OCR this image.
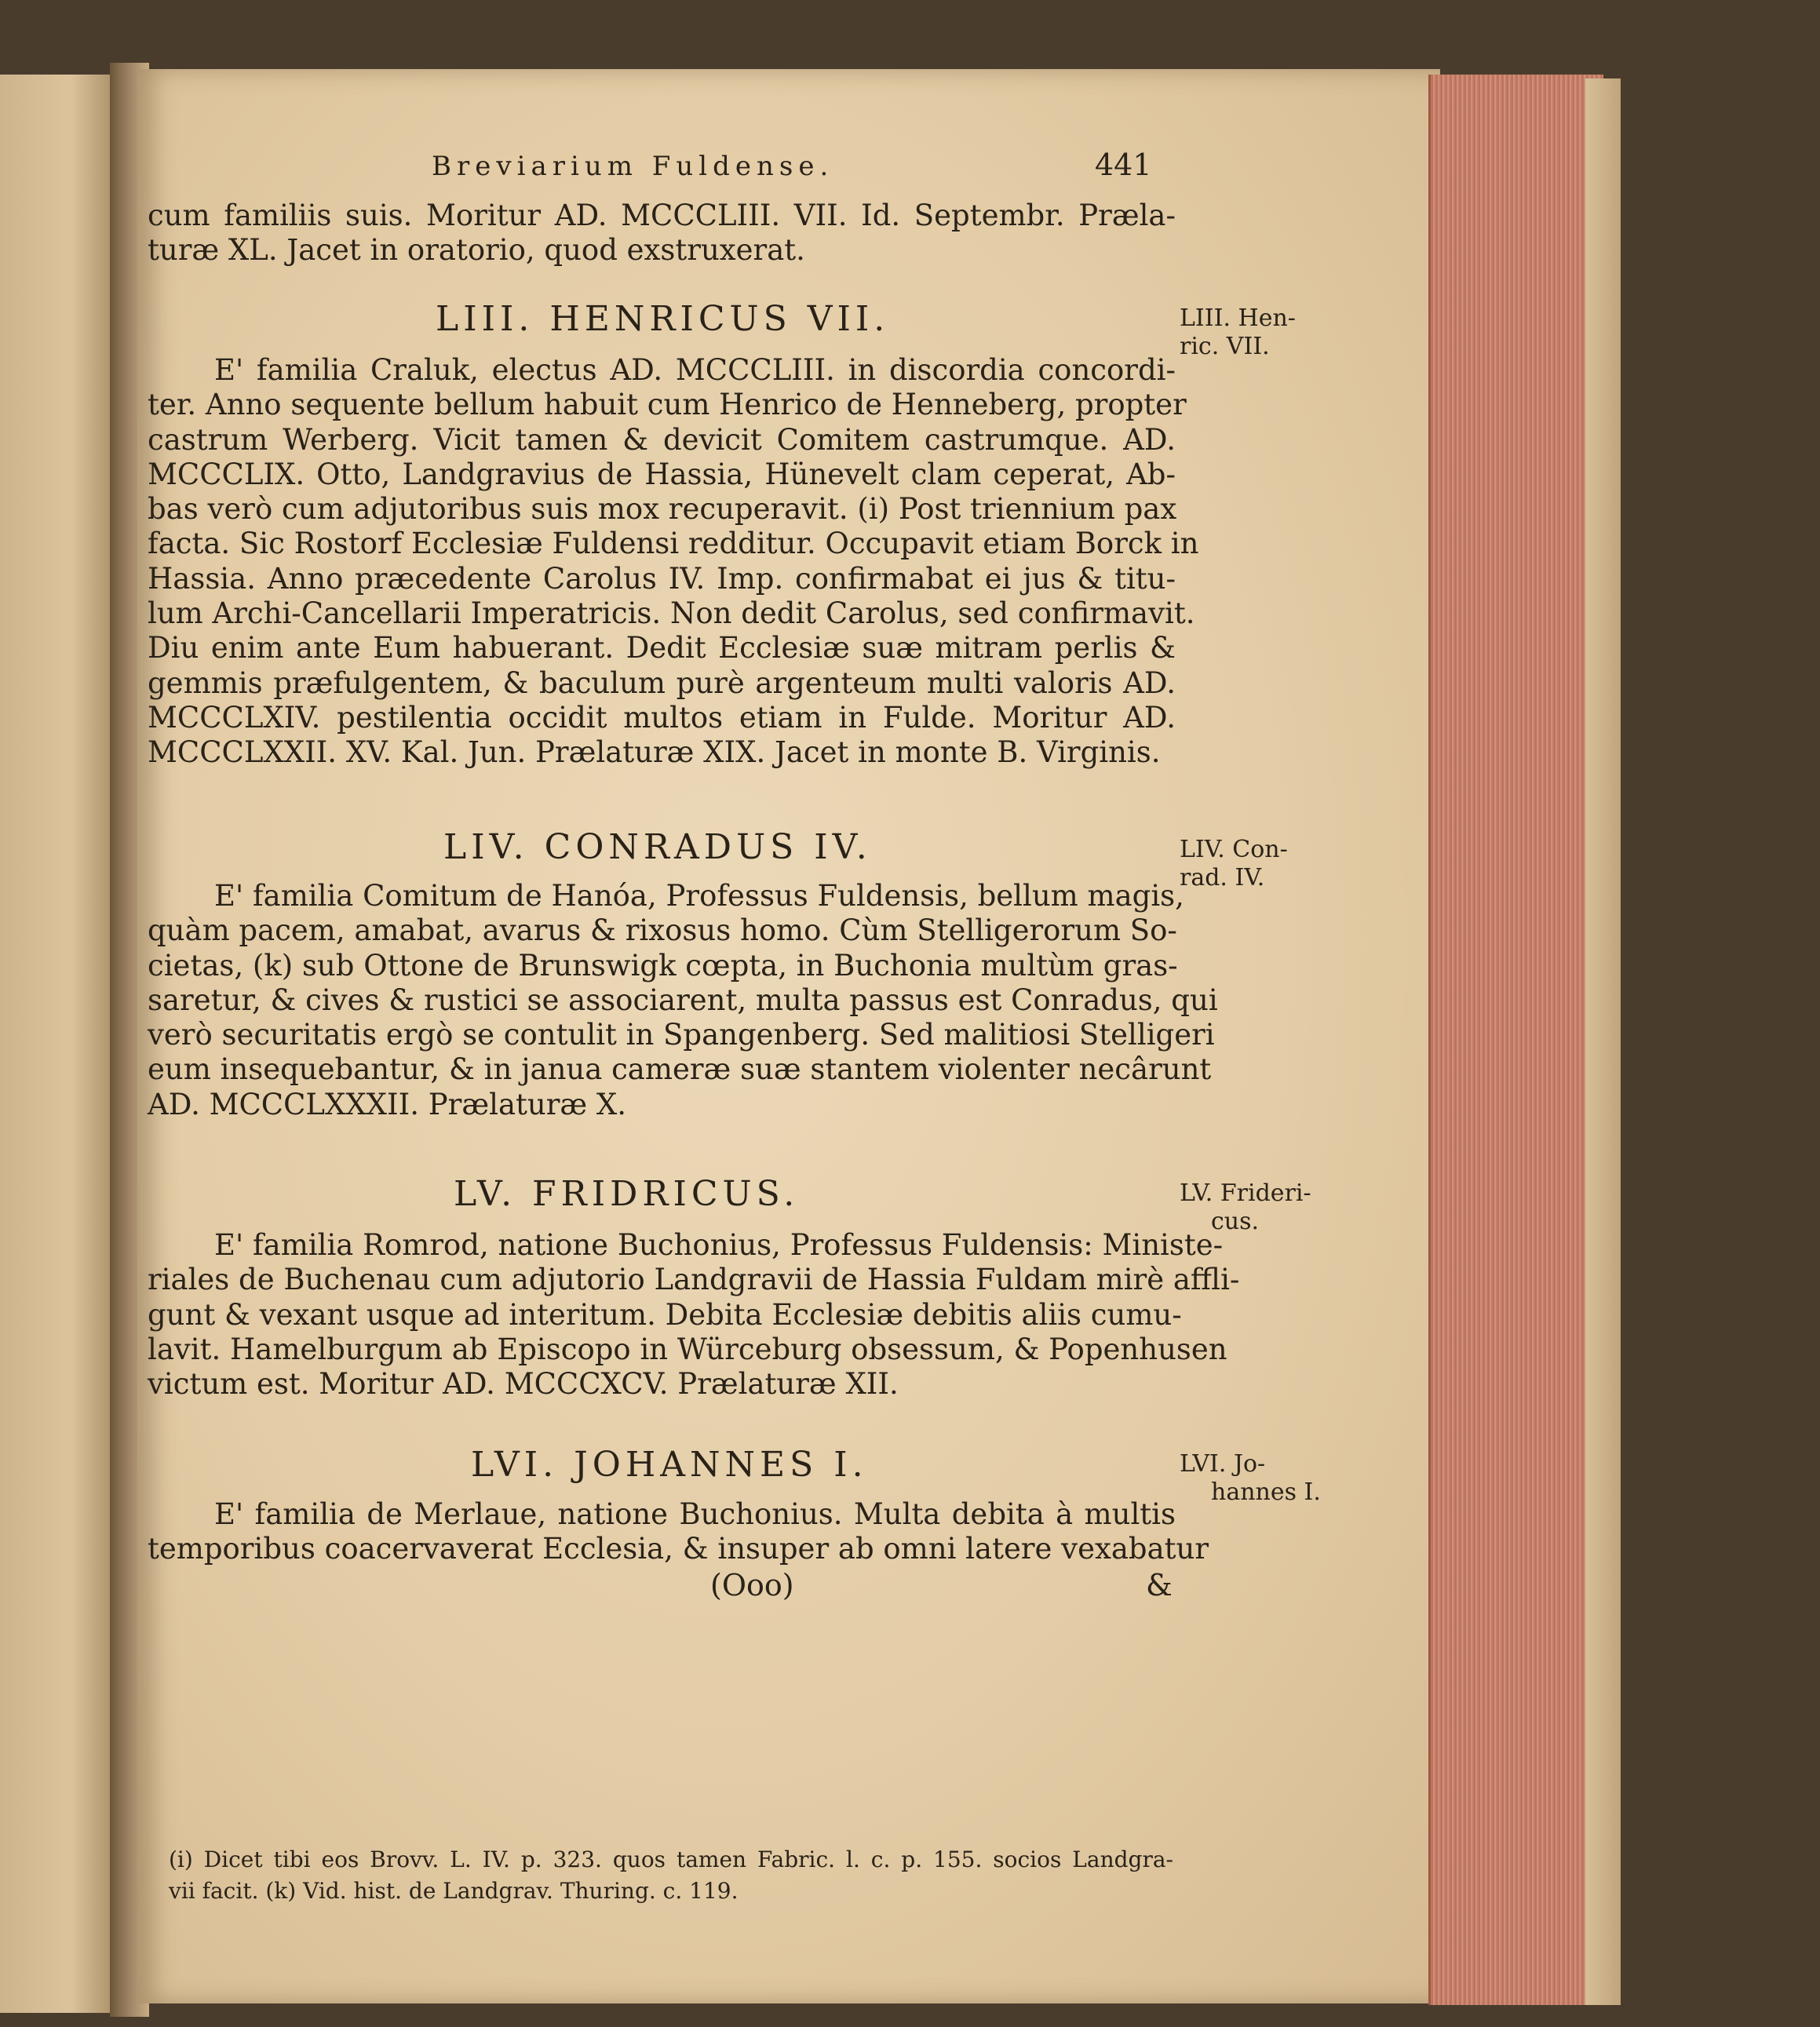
Breviarium Fuldense.	441
cum familiis suis. Moritur AD. MCCCLIII. VII. Id. Septembr. Præla-
turæ XL. Jacet in oratorio, quod exstruxerat.
LIII. HENRICUS VII.	LIII. Hen-
ric. VII.
E' familia Craluk, electus AD. MCCCLIII. in discordia concordi-
ter. Anno sequente bellum habuit cum Henrico de Henneberg, propter
castrum Werberg. Vicit tamen & devicit Comitem castrumque. AD.
MCCCLIX. Otto, Landgravius de Hassia, Hünevelt clam ceperat, Ab-
bas verò cum adjutoribus suis mox recuperavit. (i) Post triennium pax
facta. Sic Rostorf Ecclesiæ Fuldensi redditur. Occupavit etiam Borck in
Hassia. Anno præcedente Carolus IV. Imp. confirmabat ei jus & titu-
lum Archi-Cancellarii Imperatricis. Non dedit Carolus, sed confirmavit.
Diu enim ante Eum habuerant. Dedit Ecclesiæ suæ mitram perlis &
gemmis præfulgentem, & baculum purè argenteum multi valoris AD.
MCCCLXIV. pestilentia occidit multos etiam in Fulde. Moritur AD.
MCCCLXXII. XV. Kal. Jun. Prælaturæ XIX. Jacet in monte B. Virginis.
LIV. CONRADUS IV.	LIV. Con-
rad. IV.
E' familia Comitum de Hanóa, Professus Fuldensis, bellum magis,
quàm pacem, amabat, avarus & rixosus homo. Cùm Stelligerorum So-
cietas, (k) sub Ottone de Brunswigk cœpta, in Buchonia multùm gras-
saretur, & cives & rustici se associarent, multa passus est Conradus, qui
verò securitatis ergò se contulit in Spangenberg. Sed malitiosi Stelligeri
eum insequebantur, & in janua cameræ suæ stantem violenter necârunt
AD. MCCCLXXXII. Prælaturæ X.
LV. FRIDRICUS.	LV. Frideri-
cus.
E' familia Romrod, natione Buchonius, Professus Fuldensis: Ministe-
riales de Buchenau cum adjutorio Landgravii de Hassia Fuldam mirè affli-
gunt & vexant usque ad interitum. Debita Ecclesiæ debitis aliis cumu-
lavit. Hamelburgum ab Episcopo in Würceburg obsessum, & Popenhusen
victum est. Moritur AD. MCCCXCV. Prælaturæ XII.
LVI. JOHANNES I.	LVI. Jo-
hannes I.
E' familia de Merlaue, natione Buchonius. Multa debita à multis
temporibus coacervaverat Ecclesia, & insuper ab omni latere vexabatur
(Ooo)	&
(i) Dicet tibi eos Brovv. L. IV. p. 323. quos tamen Fabric. l. c. p. 155. socios Landgra-
vii facit. (k) Vid. hist. de Landgrav. Thuring. c. 119.
